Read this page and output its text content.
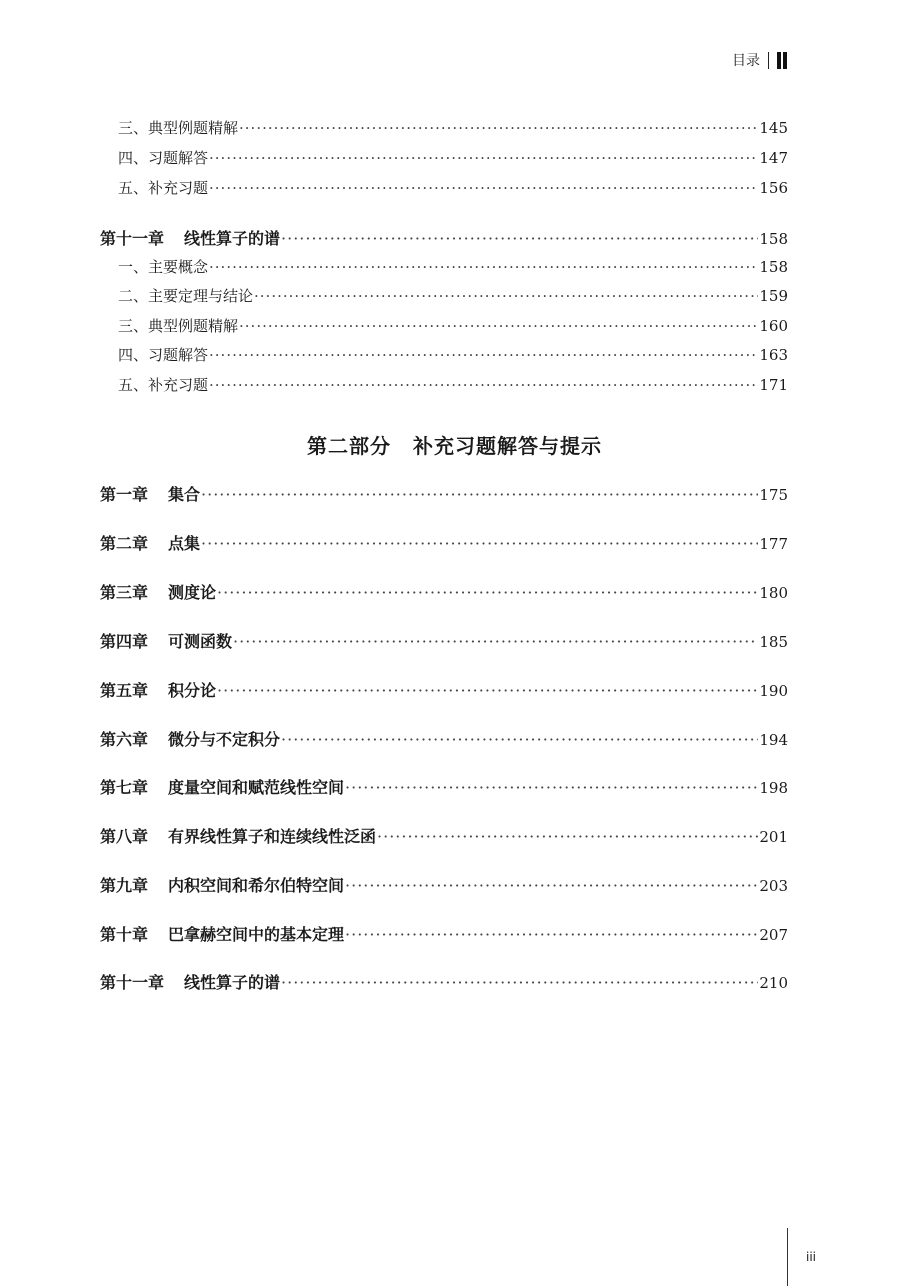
目录
三、典型例题精解 ·····	145
四、习题解答 ·····	147
五、补充习题 ·····	156
第十一章 线性算子的谱 ·····	158
一、主要概念 ·····	158
二、主要定理与结论 ·····	159
三、典型例题精解 ·····	160
四、习题解答 ·····	163
五、补充习题 ·····	171
第二部分 补充习题解答与提示
第一章 集合 ·····	175
第二章 点集 ·····	177
第三章 测度论 ·····	180
第四章 可测函数 ·····	185
第五章 积分论 ·····	190
第六章 微分与不定积分 ·····	194
第七章 度量空间和赋范线性空间 ·····	198
第八章 有界线性算子和连续线性泛函 ·····	201
第九章 内积空间和希尔伯特空间 ·····	203
第十章 巴拿赫空间中的基本定理 ·····	207
第十一章 线性算子的谱 ·····	210
iii
